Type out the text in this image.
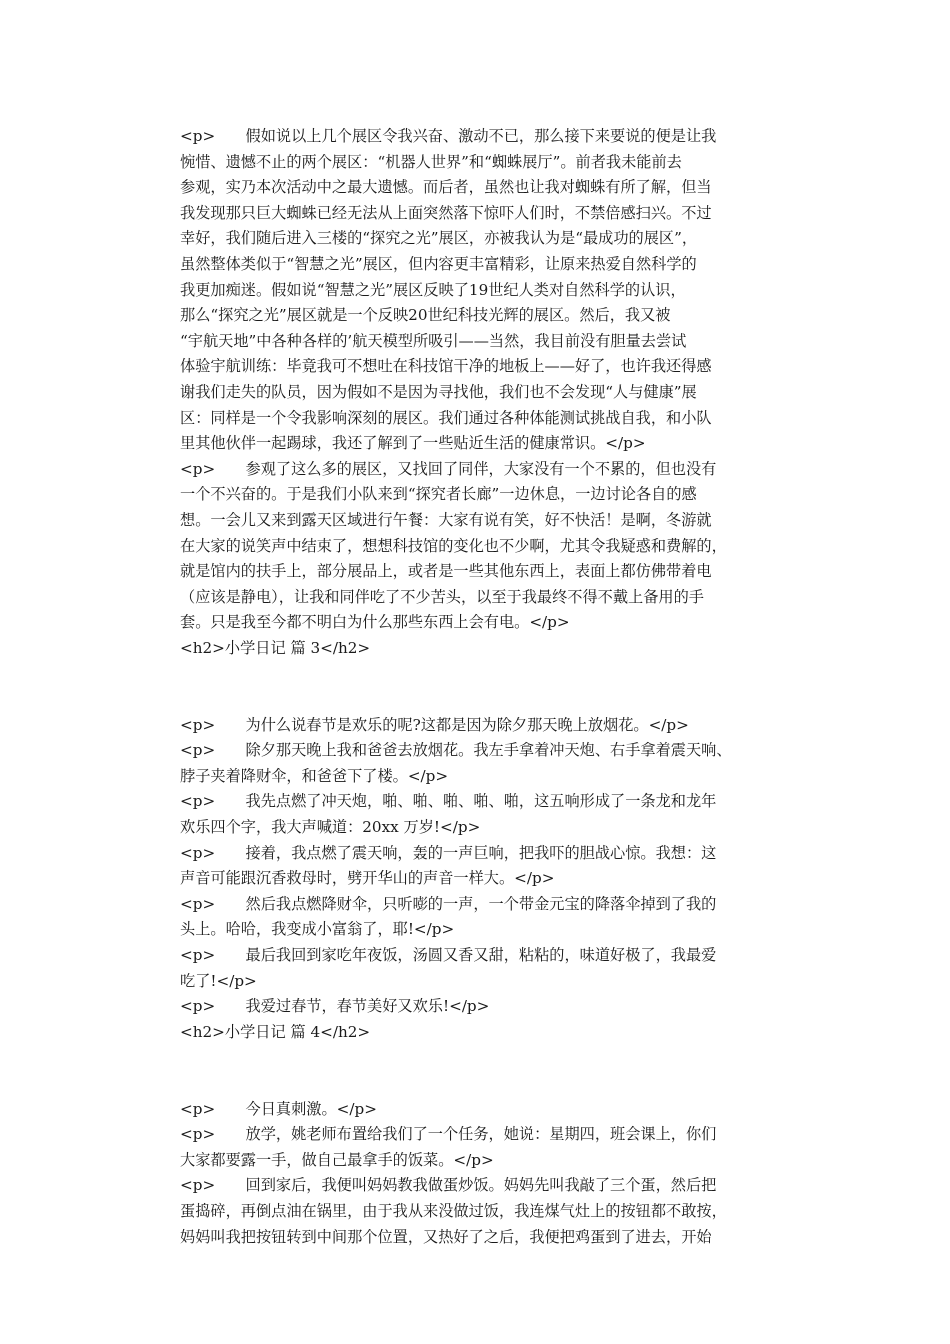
<p>　　假如说以上几个展区令我兴奋、激动不已，那么接下来要说的便是让我
惋惜、遗憾不止的两个展区：“机器人世界”和“蜘蛛展厅”。前者我未能前去
参观，实乃本次活动中之最大遗憾。而后者，虽然也让我对蜘蛛有所了解，但当
我发现那只巨大蜘蛛已经无法从上面突然落下惊吓人们时，不禁倍感扫兴。不过
幸好，我们随后进入三楼的“探究之光”展区，亦被我认为是“最成功的展区”，
虽然整体类似于“智慧之光”展区，但内容更丰富精彩，让原来热爱自然科学的
我更加痴迷。假如说“智慧之光”展区反映了19世纪人类对自然科学的认识，
那么“探究之光”展区就是一个反映20世纪科技光辉的展区。然后，我又被
“宇航天地”中各种各样的’航天模型所吸引——当然，我目前没有胆量去尝试
体验宇航训练：毕竟我可不想吐在科技馆干净的地板上——好了，也许我还得感
谢我们走失的队员，因为假如不是因为寻找他，我们也不会发现“人与健康”展
区：同样是一个令我影响深刻的展区。我们通过各种体能测试挑战自我，和小队
里其他伙伴一起踢球，我还了解到了一些贴近生活的健康常识。</p>
<p>　　参观了这么多的展区，又找回了同伴，大家没有一个不累的，但也没有
一个不兴奋的。于是我们小队来到“探究者长廊”一边休息，一边讨论各自的感
想。一会儿又来到露天区域进行午餐：大家有说有笑，好不快活！是啊，冬游就
在大家的说笑声中结束了，想想科技馆的变化也不少啊，尤其令我疑惑和费解的，
就是馆内的扶手上，部分展品上，或者是一些其他东西上，表面上都仿佛带着电
（应该是静电），让我和同伴吃了不少苦头，以至于我最终不得不戴上备用的手
套。只是我至今都不明白为什么那些东西上会有电。</p>
<h2>小学日记 篇 3</h2>
<p>　　为什么说春节是欢乐的呢?这都是因为除夕那天晚上放烟花。</p>
<p>　　除夕那天晚上我和爸爸去放烟花。我左手拿着冲天炮、右手拿着震天响、
脖子夹着降财伞，和爸爸下了楼。</p>
<p>　　我先点燃了冲天炮，啪、啪、啪、啪、啪，这五响形成了一条龙和龙年
欢乐四个字，我大声喊道：20xx 万岁!</p>
<p>　　接着，我点燃了震天响，轰的一声巨响，把我吓的胆战心惊。我想：这
声音可能跟沉香救母时，劈开华山的声音一样大。</p>
<p>　　然后我点燃降财伞，只听嘭的一声，一个带金元宝的降落伞掉到了我的
头上。哈哈，我变成小富翁了，耶!</p>
<p>　　最后我回到家吃年夜饭，汤圆又香又甜，粘粘的，味道好极了，我最爱
吃了!</p>
<p>　　我爱过春节，春节美好又欢乐!</p>
<h2>小学日记 篇 4</h2>
<p>　　今日真刺激。</p>
<p>　　放学，姚老师布置给我们了一个任务，她说：星期四，班会课上，你们
大家都要露一手，做自己最拿手的饭菜。</p>
<p>　　回到家后，我便叫妈妈教我做蛋炒饭。妈妈先叫我敲了三个蛋，然后把
蛋捣碎，再倒点油在锅里，由于我从来没做过饭，我连煤气灶上的按钮都不敢按，
妈妈叫我把按钮转到中间那个位置，又热好了之后，我便把鸡蛋到了进去，开始
